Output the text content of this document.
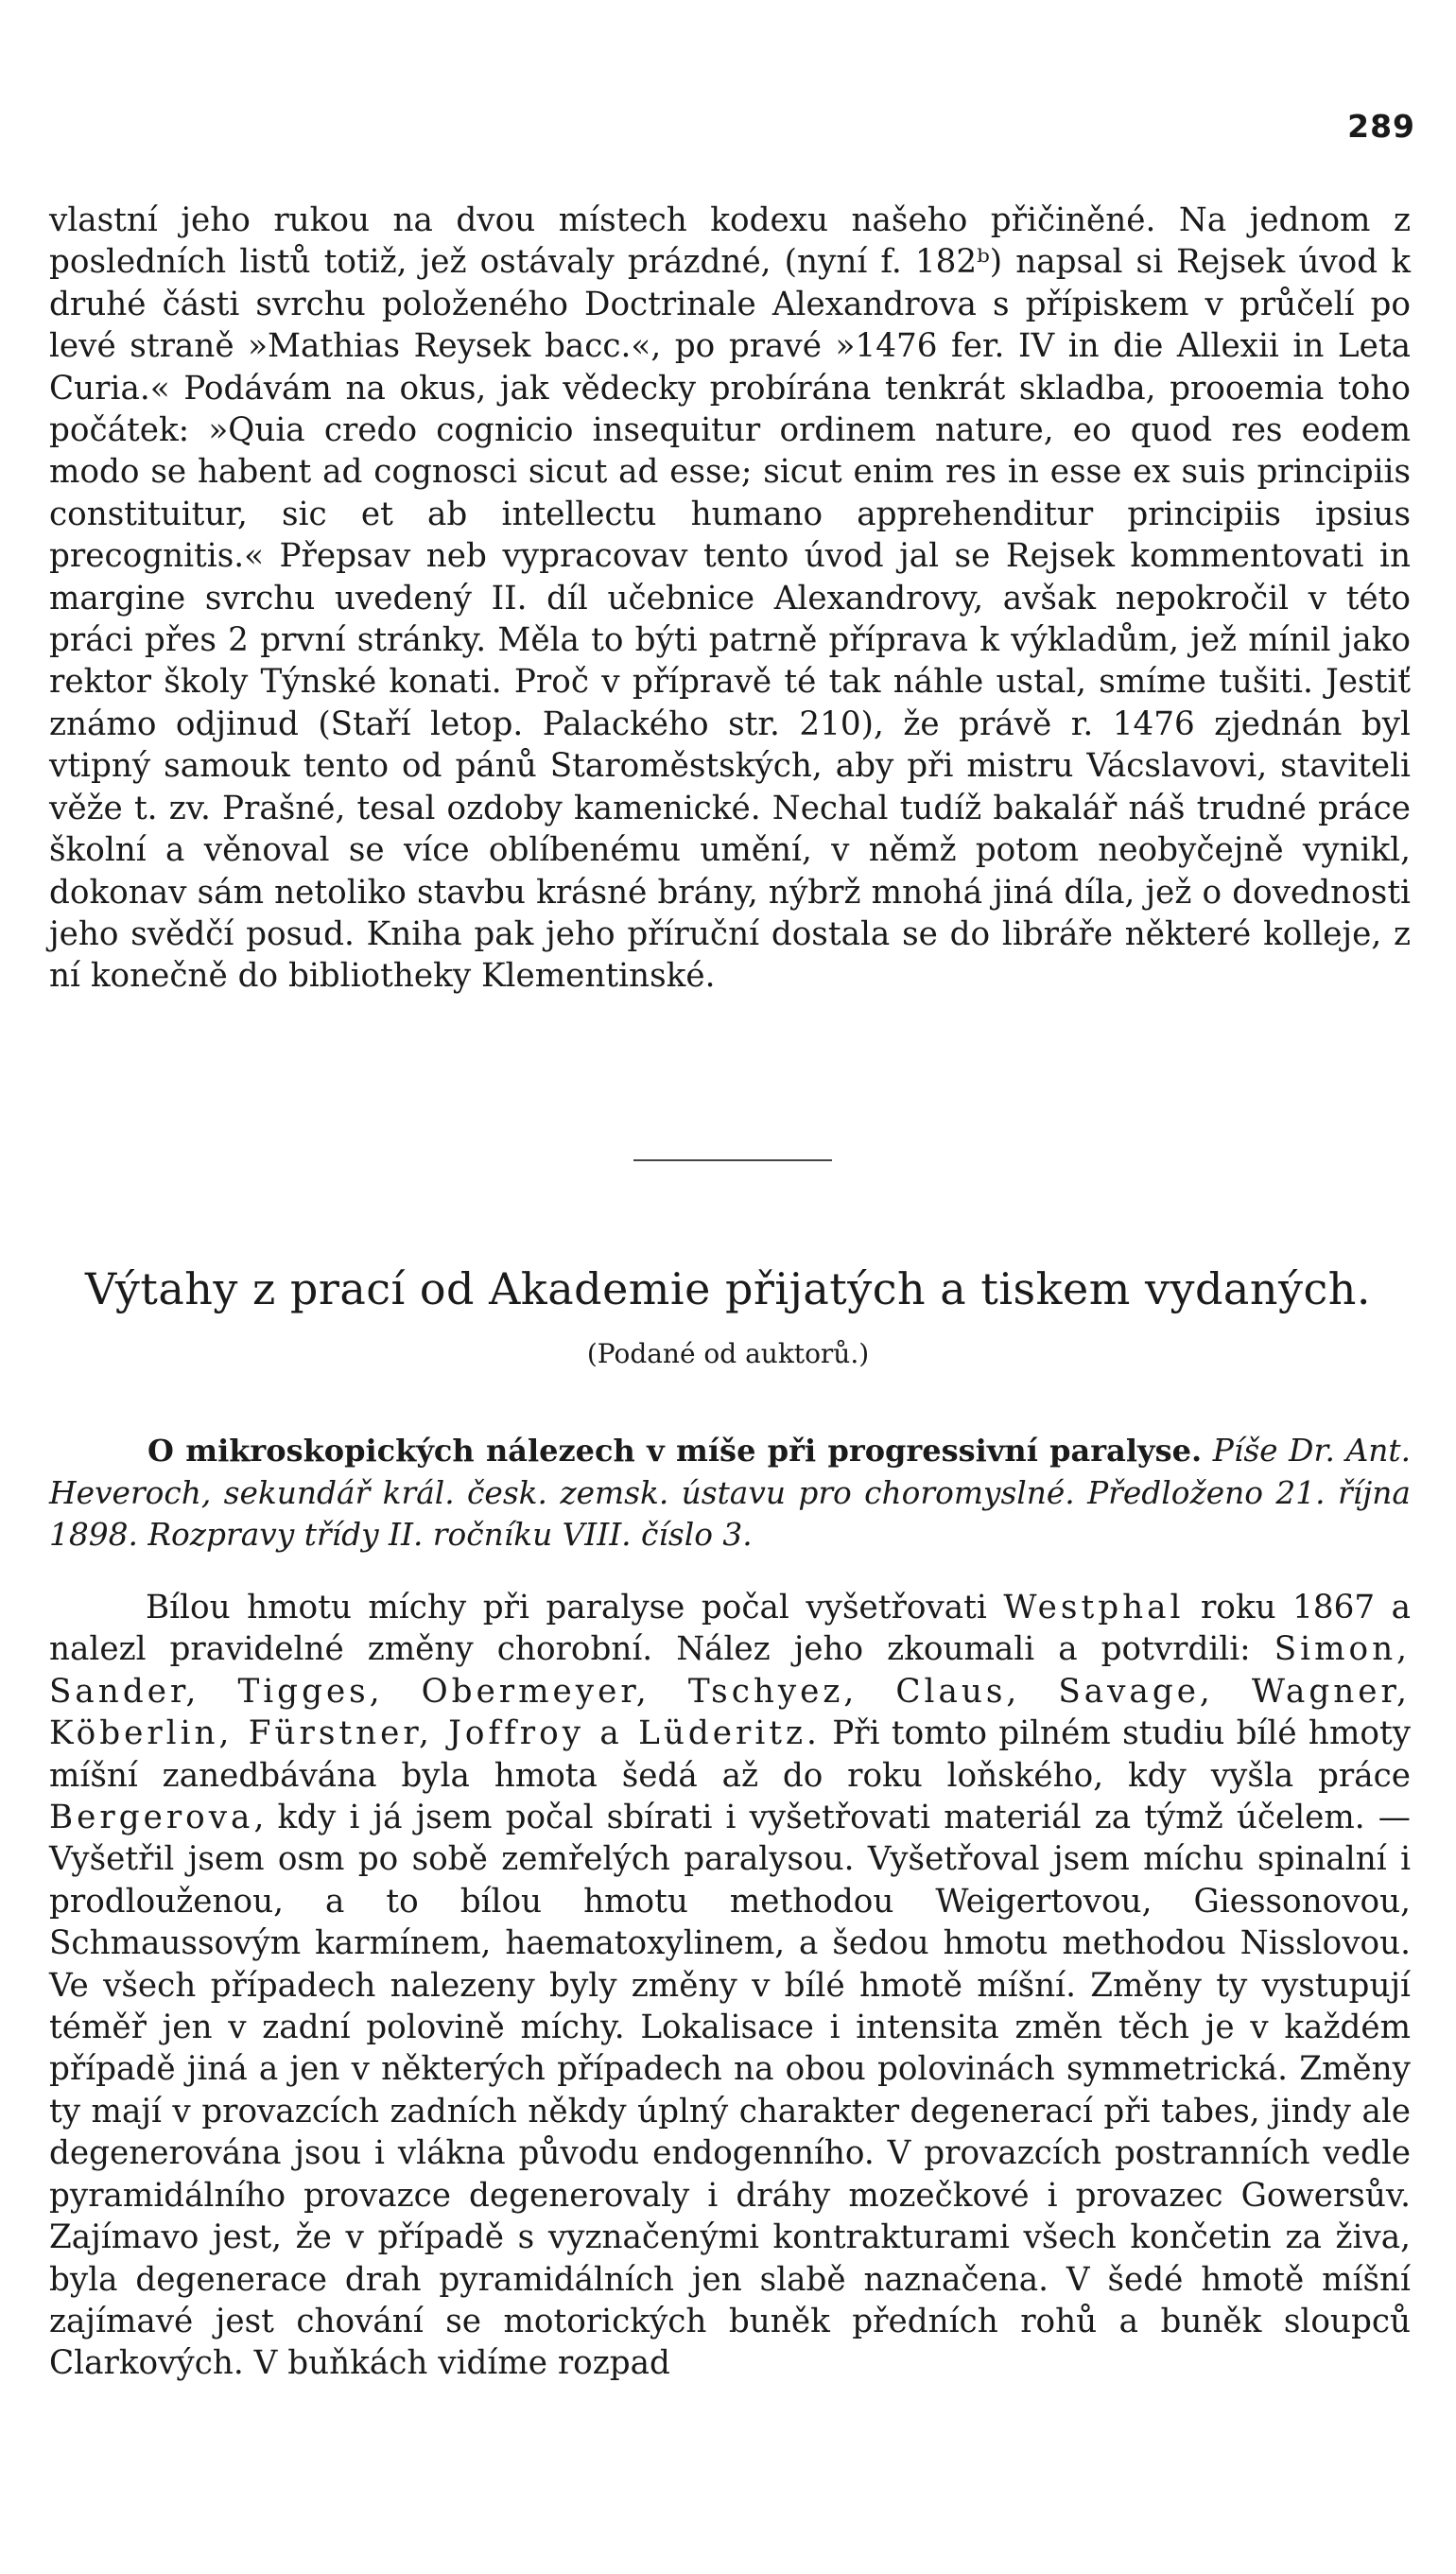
289

vlastní jeho rukou na dvou místech kodexu našeho přičiněné. Na jednom z posledních listů totiž, jež ostávaly prázdné, (nyní f. 182ᵇ) napsal si Rejsek úvod k druhé části svrchu položeného Doctrinale Alexandrova s přípiskem v průčelí po levé straně »Mathias Reysek bacc.«, po pravé »1476 fer. IV in die Allexii in Leta Curia.« Podávám na okus, jak vědecky probírána tenkrát skladba, prooemia toho počátek: »Quia credo cognicio insequitur ordinem nature, eo quod res eodem modo se habent ad cognosci sicut ad esse; sicut enim res in esse ex suis principiis constituitur, sic et ab intellectu humano apprehenditur principiis ipsius precognitis.« Přepsav neb vypracovav tento úvod jal se Rejsek kommentovati in margine svrchu uvedený II. díl učebnice Alexandrovy, avšak nepokročil v této práci přes 2 první stránky. Měla to býti patrně příprava k výkladům, jež mínil jako rektor školy Týnské konati. Proč v přípravě té tak náhle ustal, smíme tušiti. Jestiť známo odjinud (Staří letop. Palackého str. 210), že právě r. 1476 zjednán byl vtipný samouk tento od pánů Staroměstských, aby při mistru Vácslavovi, staviteli věže t. zv. Prašné, tesal ozdoby kamenické. Nechal tudíž bakalář náš trudné práce školní a věnoval se více oblíbenému umění, v němž potom neobyčejně vynikl, dokonav sám netoliko stavbu krásné brány, nýbrž mnohá jiná díla, jež o dovednosti jeho svědčí posud. Kniha pak jeho příruční dostala se do libráře některé kolleje, z ní konečně do bibliotheky Klementinské.

Výtahy z prací od Akademie přijatých a tiskem vydaných.
(Podané od auktorů.)

O mikroskopických nálezech v míše při progressivní paralyse. Píše Dr. Ant. Heveroch, sekundář král. česk. zemsk. ústavu pro choromyslné. Předloženo 21. října 1898. Rozpravy třídy II. ročníku VIII. číslo 3.

Bílou hmotu míchy při paralyse počal vyšetřovati Westphal roku 1867 a nalezl pravidelné změny chorobní. Nález jeho zkoumali a potvrdili: Simon, Sander, Tigges, Obermeyer, Tschyez, Claus, Savage, Wagner, Köberlin, Fürstner, Joffroy a Lüderitz. Při tomto pilném studiu bílé hmoty míšní zanedbávána byla hmota šedá až do roku loňského, kdy vyšla práce Bergerova, kdy i já jsem počal sbírati i vyšetřovati materiál za týmž účelem. — Vyšetřil jsem osm po sobě zemřelých paralysou. Vyšetřoval jsem míchu spinalní i prodlouženou, a to bílou hmotu methodou Weigertovou, Giessonovou, Schmaussovým karmínem, haematoxylinem, a šedou hmotu methodou Nisslovou. Ve všech případech nalezeny byly změny v bílé hmotě míšní. Změny ty vystupují téměř jen v zadní polovině míchy. Lokalisace i intensita změn těch je v každém případě jiná a jen v některých případech na obou polovinách symmetrická. Změny ty mají v provazcích zadních někdy úplný charakter degenerací při tabes, jindy ale degenerována jsou i vlákna původu endogenního. V provazcích postranních vedle pyramidálního provazce degenerovaly i dráhy mozečkové i provazec Gowersův. Zajímavo jest, že v případě s vyznačenými kontrakturami všech končetin za živa, byla degenerace drah pyramidálních jen slabě naznačena. V šedé hmotě míšní zajímavé jest chování se motorických buněk předních rohů a buněk sloupců Clarkových. V buňkách vidíme rozpad
